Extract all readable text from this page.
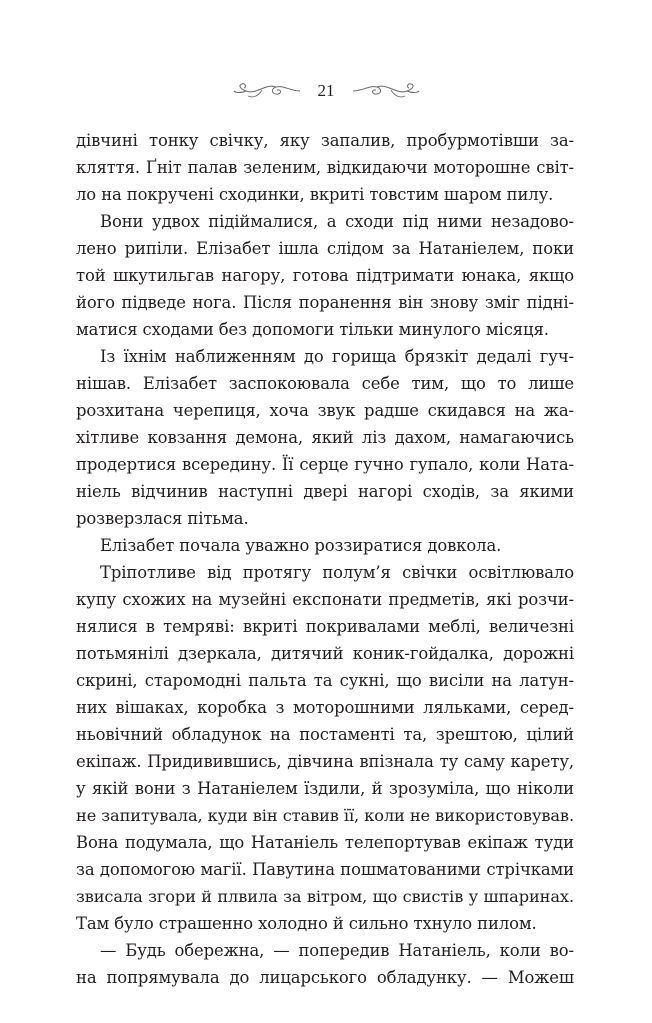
21
дівчині тонку свічку, яку запалив, пробурмотівши за-
кляття. Ґніт палав зеленим, відкидаючи моторошне світ-
ло на покручені сходинки, вкриті товстим шаром пилу.
Вони удвох підіймалися, а сходи під ними незадово-
лено рипіли. Елізабет ішла слідом за Натаніелем, поки
той шкутильгав нагору, готова підтримати юнака, якщо
його підведе нога. Після поранення він знову зміг підні-
матися сходами без допомоги тільки минулого місяця.
Із їхнім наближенням до горища брязкіт дедалі гуч-
нішав. Елізабет заспокоювала себе тим, що то лише
розхитана черепиця, хоча звук радше скидався на жа-
хітливе ковзання демона, який ліз дахом, намагаючись
продертися всередину. Її серце гучно гупало, коли Ната-
ніель відчинив наступні двері нагорі сходів, за якими
розверзлася пітьма.
Елізабет почала уважно роззиратися довкола.
Тріпотливе від протягу полум’я свічки освітлювало
купу схожих на музейні експонати предметів, які розчи-
нялися в темряві: вкриті покривалами меблі, величезні
потьмянілі дзеркала, дитячий коник-гойдалка, дорожні
скрині, старомодні пальта та сукні, що висіли на латун-
них вішаках, коробка з моторошними ляльками, серед-
ньовічний обладунок на постаменті та, зрештою, цілий
екіпаж. Придивившись, дівчина впізнала ту саму карету,
у якій вони з Натаніелем їздили, й зрозуміла, що ніколи
не запитувала, куди він ставив її, коли не використовував.
Вона подумала, що Натаніель телепортував екіпаж туди
за допомогою магії. Павутина пошматованими стрічками
звисала згори й плвила за вітром, що свистів у шпаринах.
Там було страшенно холодно й сильно тхнуло пилом.
— Будь обережна, — попередив Натаніель, коли во-
на попрямувала до лицарського обладунку. — Можеш
